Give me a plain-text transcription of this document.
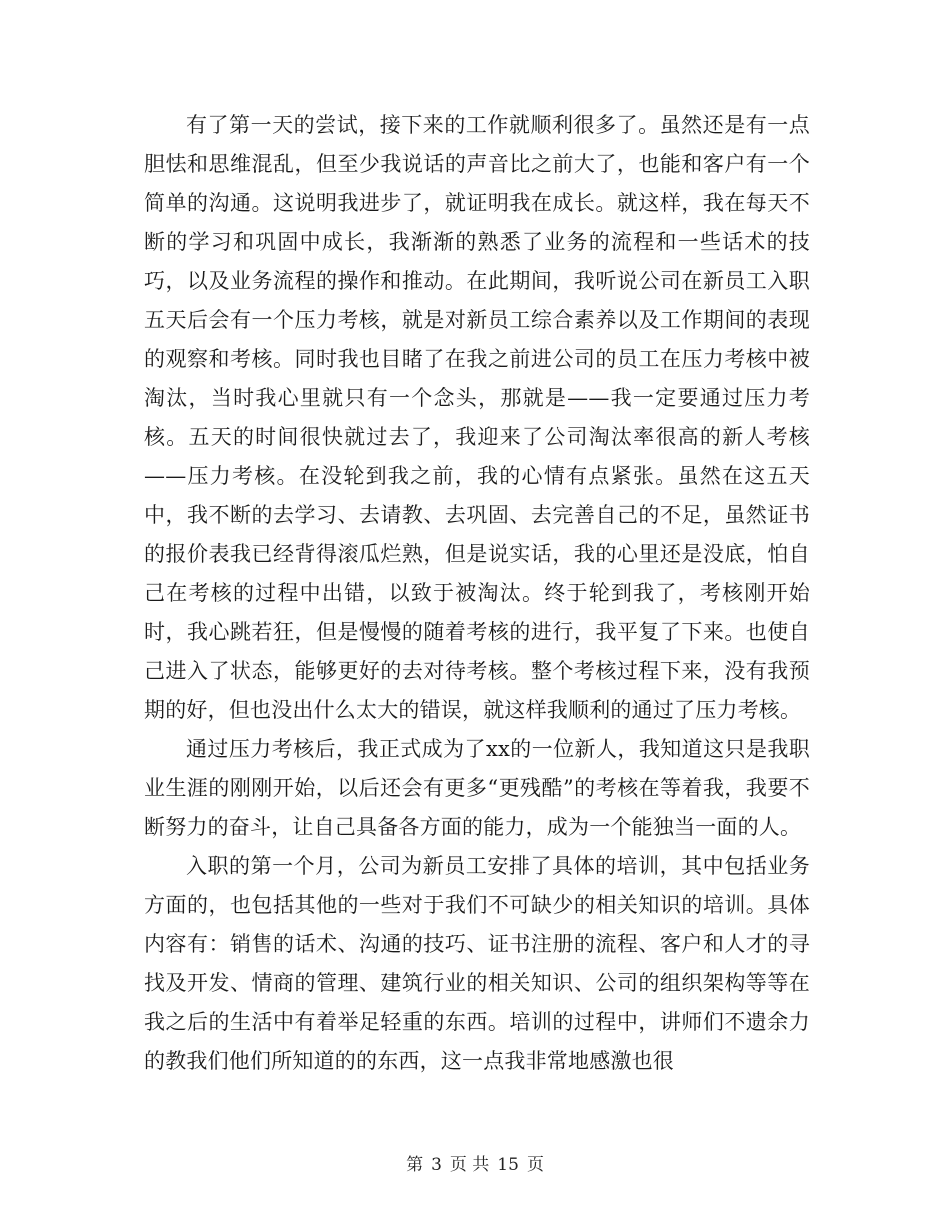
有了第一天的尝试，接下来的工作就顺利很多了。虽然还是有一点胆怯和思维混乱，但至少我说话的声音比之前大了，也能和客户有一个简单的沟通。这说明我进步了，就证明我在成长。就这样，我在每天不断的学习和巩固中成长，我渐渐的熟悉了业务的流程和一些话术的技巧，以及业务流程的操作和推动。在此期间，我听说公司在新员工入职五天后会有一个压力考核，就是对新员工综合素养以及工作期间的表现的观察和考核。同时我也目睹了在我之前进公司的员工在压力考核中被淘汰，当时我心里就只有一个念头，那就是——我一定要通过压力考核。五天的时间很快就过去了，我迎来了公司淘汰率很高的新人考核——压力考核。在没轮到我之前，我的心情有点紧张。虽然在这五天中，我不断的去学习、去请教、去巩固、去完善自己的不足，虽然证书的报价表我已经背得滚瓜烂熟，但是说实话，我的心里还是没底，怕自己在考核的过程中出错，以致于被淘汰。终于轮到我了，考核刚开始时，我心跳若狂，但是慢慢的随着考核的进行，我平复了下来。也使自己进入了状态，能够更好的去对待考核。整个考核过程下来，没有我预期的好，但也没出什么太大的错误，就这样我顺利的通过了压力考核。

通过压力考核后，我正式成为了xx的一位新人，我知道这只是我职业生涯的刚刚开始，以后还会有更多“更残酷”的考核在等着我，我要不断努力的奋斗，让自己具备各方面的能力，成为一个能独当一面的人。

入职的第一个月，公司为新员工安排了具体的培训，其中包括业务方面的，也包括其他的一些对于我们不可缺少的相关知识的培训。具体内容有：销售的话术、沟通的技巧、证书注册的流程、客户和人才的寻找及开发、情商的管理、建筑行业的相关知识、公司的组织架构等等在我之后的生活中有着举足轻重的东西。培训的过程中，讲师们不遗余力的教我们他们所知道的的东西，这一点我非常地感激也很

第 3 页 共 15 页
